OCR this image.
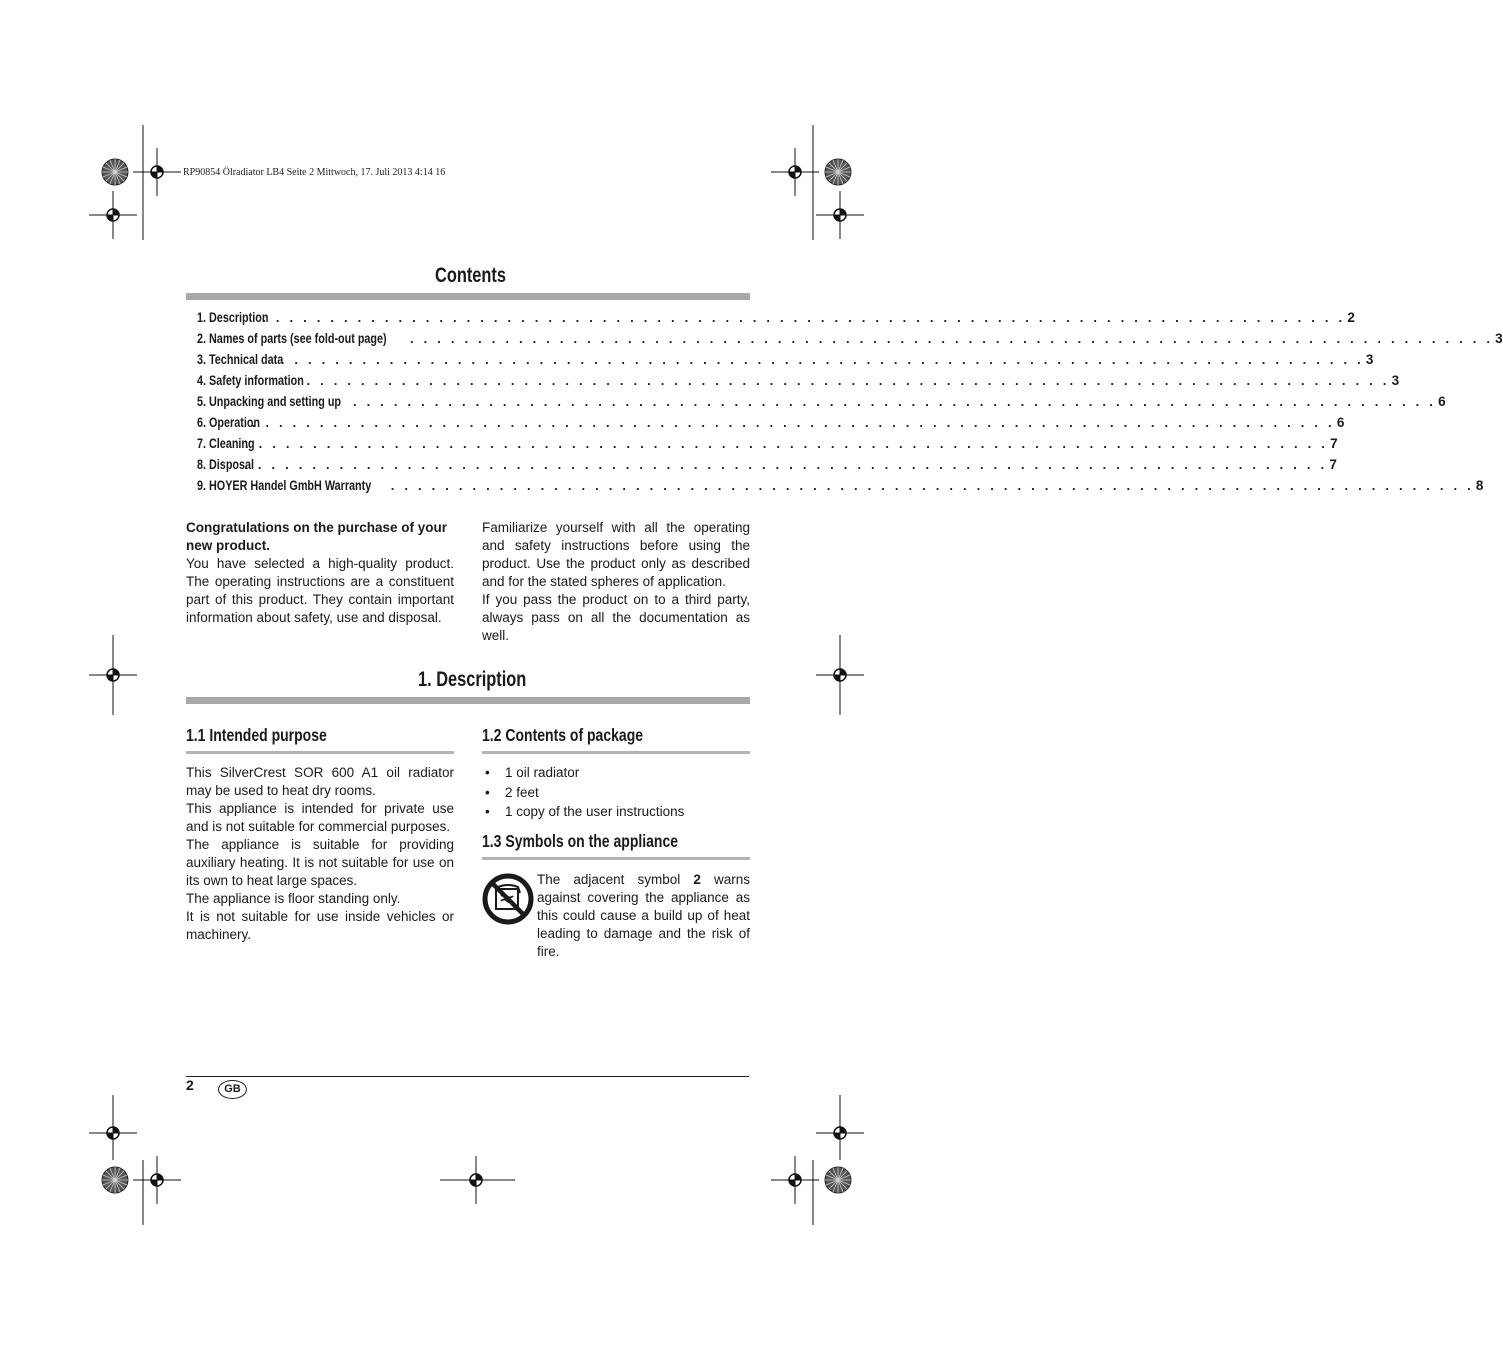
RP90854 Ölradiator LB4 Seite 2 Mittwoch, 17. Juli 2013 4:14 16
Contents
1. Description
. . . . . . . . . . . . . . . . . . . . . . . . . . . . . . . . . . . . . . . . . . . . . . . . . . . . . . . . . . . . . . . . . . . . . . . . . . . . . . . . 2
2. Names of parts (see fold-out page) . . . . . . . . . . . . . . . . . . . . . . . . . . . . . . . . . . . . . . . . . . . . . . . . . . . . . . . . . . . . . . . . . . . . . . . . . . . . . . . . 3
3. Technical data
. . . . . . . . . . . . . . . . . . . . . . . . . . . . . . . . . . . . . . . . . . . . . . . . . . . . . . . . . . . . . . . . . . . . . . . . . . . . . . . . 3
4. Safety information . . . . . . . . . . . . . . . . . . . . . . . . . . . . . . . . . . . . . . . . . . . . . . . . . . . . . . . . . . . . . . . . . . . . . . . . . . . . . . . . 3
5. Unpacking and setting up . . . . . . . . . . . . . . . . . . . . . . . . . . . . . . . . . . . . . . . . . . . . . . . . . . . . . . . . . . . . . . . . . . . . . . . . . . . . . . . . 6
6. Operation
. . . . . . . . . . . . . . . . . . . . . . . . . . . . . . . . . . . . . . . . . . . . . . . . . . . . . . . . . . . . . . . . . . . . . . . . . . . . . . . . 6
7. Cleaning
. . . . . . . . . . . . . . . . . . . . . . . . . . . . . . . . . . . . . . . . . . . . . . . . . . . . . . . . . . . . . . . . . . . . . . . . . . . . . . . . 7
8. Disposal
. . . . . . . . . . . . . . . . . . . . . . . . . . . . . . . . . . . . . . . . . . . . . . . . . . . . . . . . . . . . . . . . . . . . . . . . . . . . . . . . 7
9. HOYER Handel GmbH Warranty . . . . . . . . . . . . . . . . . . . . . . . . . . . . . . . . . . . . . . . . . . . . . . . . . . . . . . . . . . . . . . . . . . . . . . . . . . . . . . . . 8

Congratulations on the purchase of your new product.

You have selected a high-quality product. The operating instructions are a constituent part of this product. They contain important information about safety, use and disposal.

Familiarize yourself with all the operating and safety instructions before using the product. Use the product only as described and for the stated spheres of application.

If you pass the product on to a third party, always pass on all the documentation as well.

1. Description
1.1 Intended purpose

This SilverCrest SOR 600 A1 oil radiator may be used to heat dry rooms.

This appliance is intended for private use and is not suitable for commercial purposes.

The appliance is suitable for providing auxiliary heating. It is not suitable for use on its own to heat large spaces.

The appliance is floor standing only.

It is not suitable for use inside vehicles or machinery.

1.2 Contents of package
• 1 oil radiator
• 2 feet
• 1 copy of the user instructions
1.3 Symbols on the appliance
The adjacent symbol 2 warns against covering the appliance as this could cause a build up of heat leading to damage and the risk of fire.
2	GB
